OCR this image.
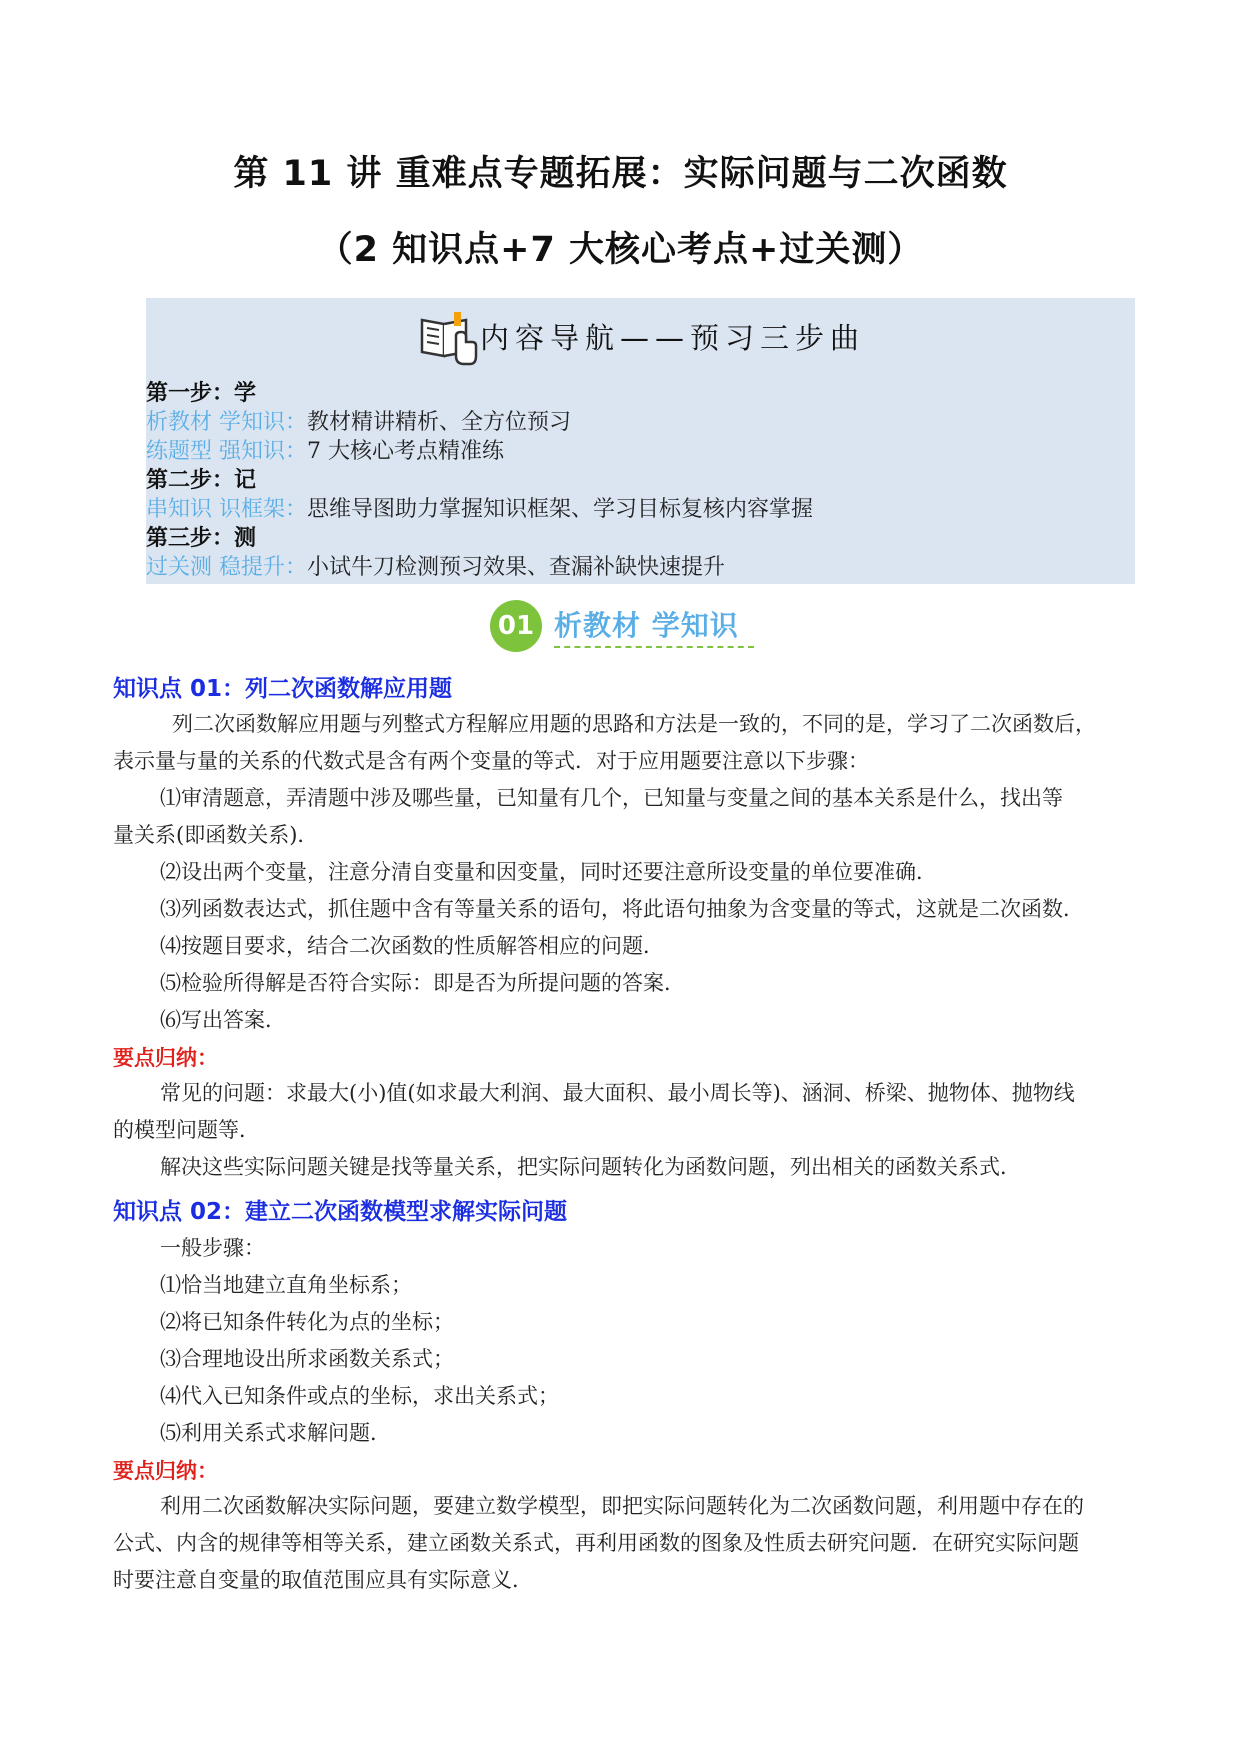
第 11 讲 重难点专题拓展：实际问题与二次函数
（2 知识点+7 大核心考点+过关测）
内容导航——预习三步曲
第一步：学
析教材 学知识：教材精讲精析、全方位预习
练题型 强知识：7 大核心考点精准练
第二步：记
串知识 识框架：思维导图助力掌握知识框架、学习目标复核内容掌握
第三步：测
过关测 稳提升：小试牛刀检测预习效果、查漏补缺快速提升
01 析教材 学知识
知识点 01：列二次函数解应用题
列二次函数解应用题与列整式方程解应用题的思路和方法是一致的，不同的是，学习了二次函数后，
表示量与量的关系的代数式是含有两个变量的等式．对于应用题要注意以下步骤：
⑴审清题意，弄清题中涉及哪些量，已知量有几个，已知量与变量之间的基本关系是什么，找出等
量关系(即函数关系)．
⑵设出两个变量，注意分清自变量和因变量，同时还要注意所设变量的单位要准确．
⑶列函数表达式，抓住题中含有等量关系的语句，将此语句抽象为含变量的等式，这就是二次函数．
⑷按题目要求，结合二次函数的性质解答相应的问题．
⑸检验所得解是否符合实际：即是否为所提问题的答案．
⑹写出答案．
要点归纳：
常见的问题：求最大(小)值(如求最大利润、最大面积、最小周长等)、涵洞、桥梁、抛物体、抛物线
的模型问题等．
解决这些实际问题关键是找等量关系，把实际问题转化为函数问题，列出相关的函数关系式．
知识点 02：建立二次函数模型求解实际问题
一般步骤：
⑴恰当地建立直角坐标系；
⑵将已知条件转化为点的坐标；
⑶合理地设出所求函数关系式；
⑷代入已知条件或点的坐标，求出关系式；
⑸利用关系式求解问题．
要点归纳：
利用二次函数解决实际问题，要建立数学模型，即把实际问题转化为二次函数问题，利用题中存在的
公式、内含的规律等相等关系，建立函数关系式，再利用函数的图象及性质去研究问题．在研究实际问题
时要注意自变量的取值范围应具有实际意义．
